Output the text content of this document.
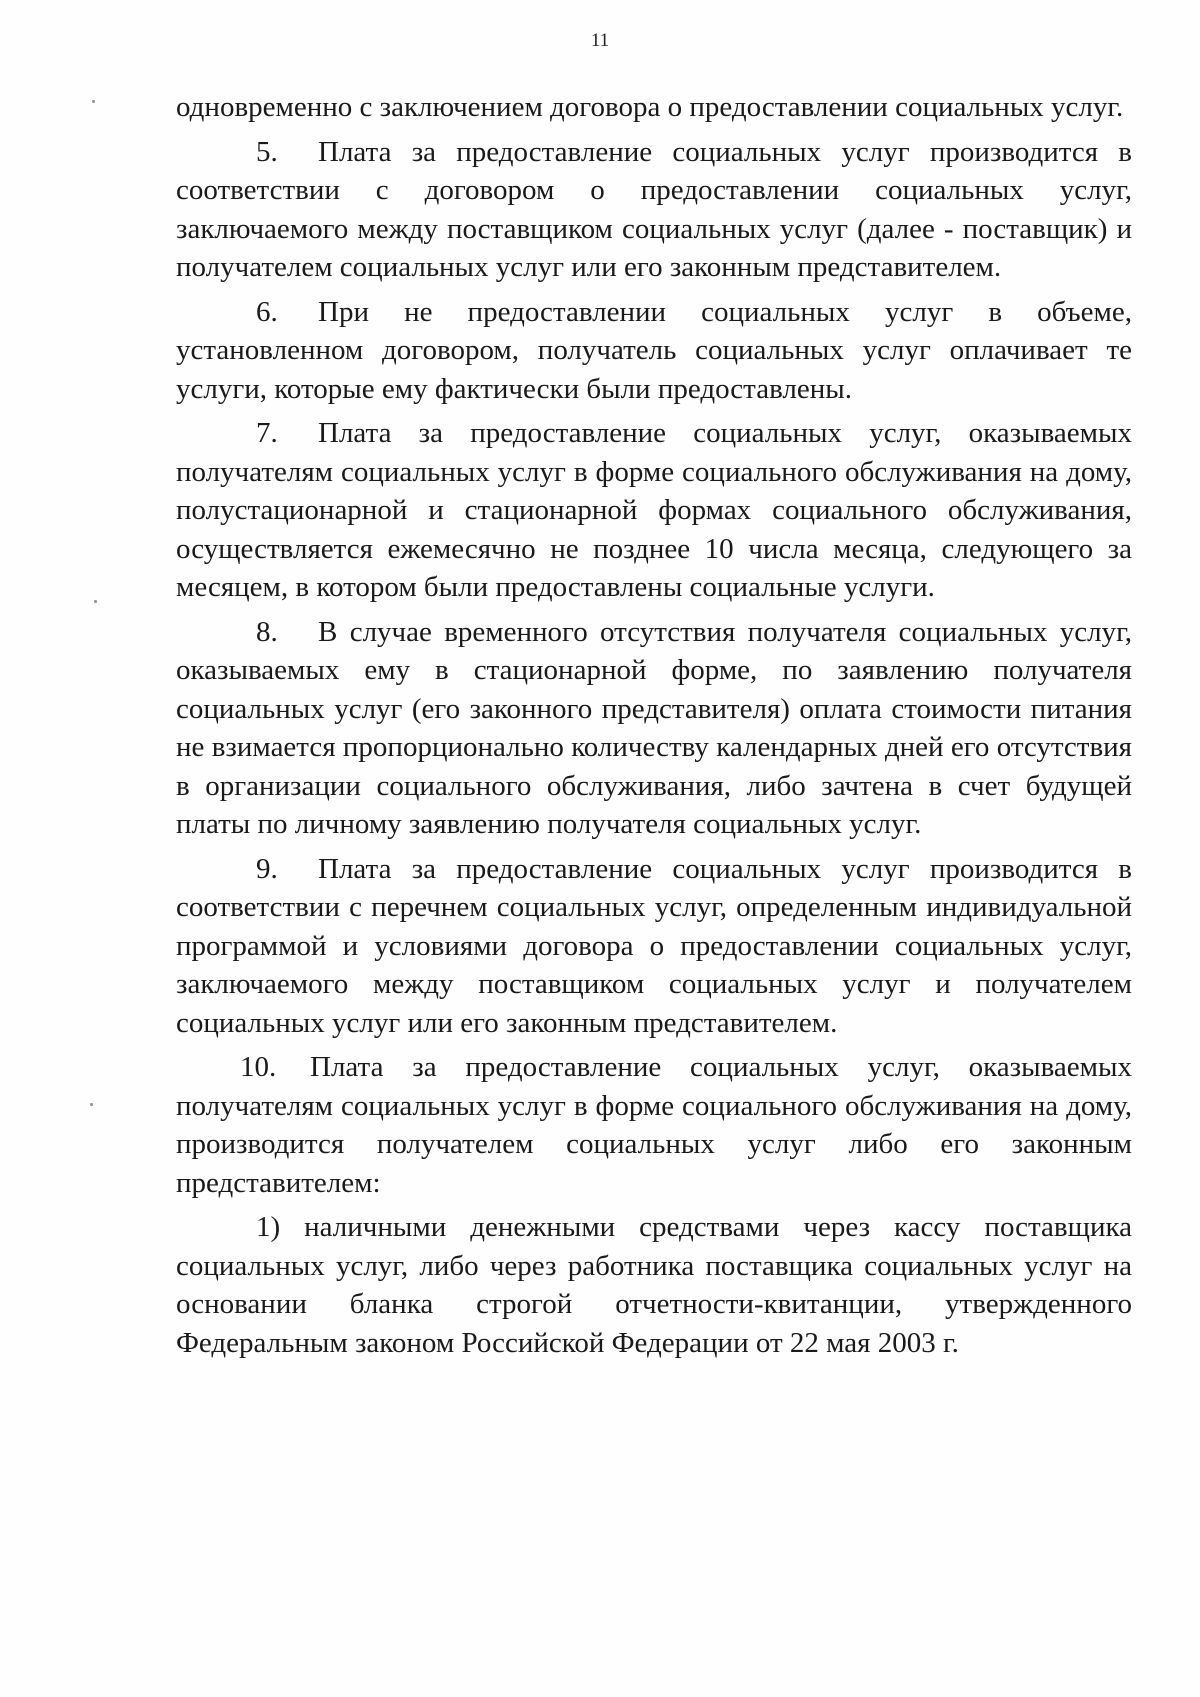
11

одновременно с заключением договора о предоставлении социальных услуг.

5. Плата за предоставление социальных услуг производится в соответствии с договором о предоставлении социальных услуг, заключаемого между поставщиком социальных услуг (далее - поставщик) и получателем социальных услуг или его законным представителем.

6. При не предоставлении социальных услуг в объеме, установленном договором, получатель социальных услуг оплачивает те услуги, которые ему фактически были предоставлены.

7. Плата за предоставление социальных услуг, оказываемых получателям социальных услуг в форме социального обслуживания на дому, полустационарной и стационарной формах социального обслуживания, осуществляется ежемесячно не позднее 10 числа месяца, следующего за месяцем, в котором были предоставлены социальные услуги.

8. В случае временного отсутствия получателя социальных услуг, оказываемых ему в стационарной форме, по заявлению получателя социальных услуг (его законного представителя) оплата стоимости питания не взимается пропорционально количеству календарных дней его отсутствия в организации социального обслуживания, либо зачтена в счет будущей платы по личному заявлению получателя социальных услуг.

9. Плата за предоставление социальных услуг производится в соответствии с перечнем социальных услуг, определенным индивидуальной программой и условиями договора о предоставлении социальных услуг, заключаемого между поставщиком социальных услуг и получателем социальных услуг или его законным представителем.

10. Плата за предоставление социальных услуг, оказываемых получателям социальных услуг в форме социального обслуживания на дому, производится получателем социальных услуг либо его законным представителем:

1) наличными денежными средствами через кассу поставщика социальных услуг, либо через работника поставщика социальных услуг на основании бланка строгой отчетности-квитанции, утвержденного Федеральным законом Российской Федерации от 22 мая 2003 г.
